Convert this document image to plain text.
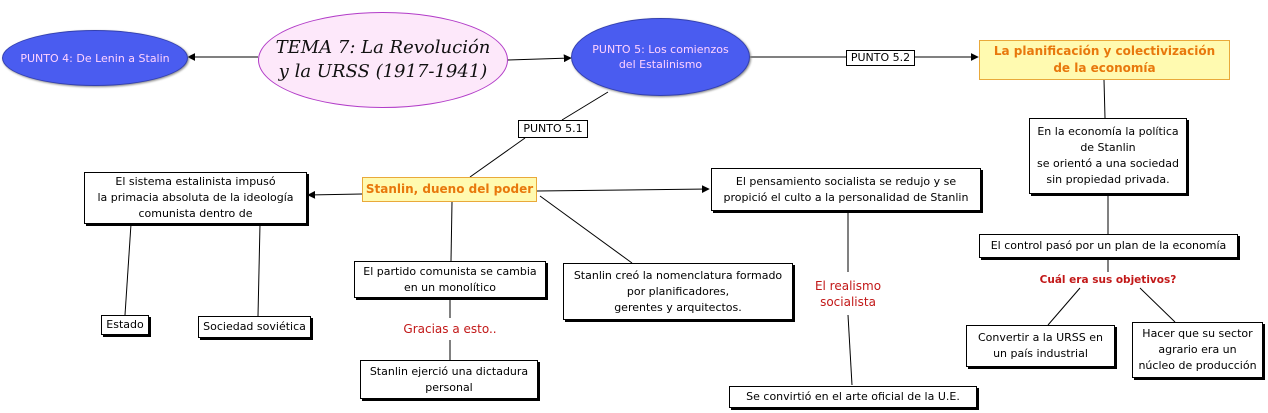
TEMA 7: La Revolución
y la URSS (1917-1941)
PUNTO 4: De Lenin a Stalin
PUNTO 5: Los comienzos
del Estalinismo
PUNTO 5.2	La planificación y colectivización
de la economía
PUNTO 5.1	En la economía la política
de Stanlin
se orientó a una sociedad
sin propiedad privada.
El control pasó por un plan de la economía
Cuál era sus objetivos?
Convertir a la URSS en
un país industrial
Hacer que su sector
agrario era un
núcleo de producción
Stanlin, dueno del poder
El sistema estalinista impusó
la primacia absoluta de la ideología
comunista dentro de
Estado	Sociedad soviética
El partido comunista se cambia
en un monolítico
Gracias a esto..
Stanlin ejerció una dictadura
personal
Stanlin creó la nomenclatura formado
por planificadores,
gerentes y arquitectos.
El pensamiento socialista se redujo y se
propició el culto a la personalidad de Stanlin
El realismo
socialista
Se convirtió en el arte oficial de la U.E.
